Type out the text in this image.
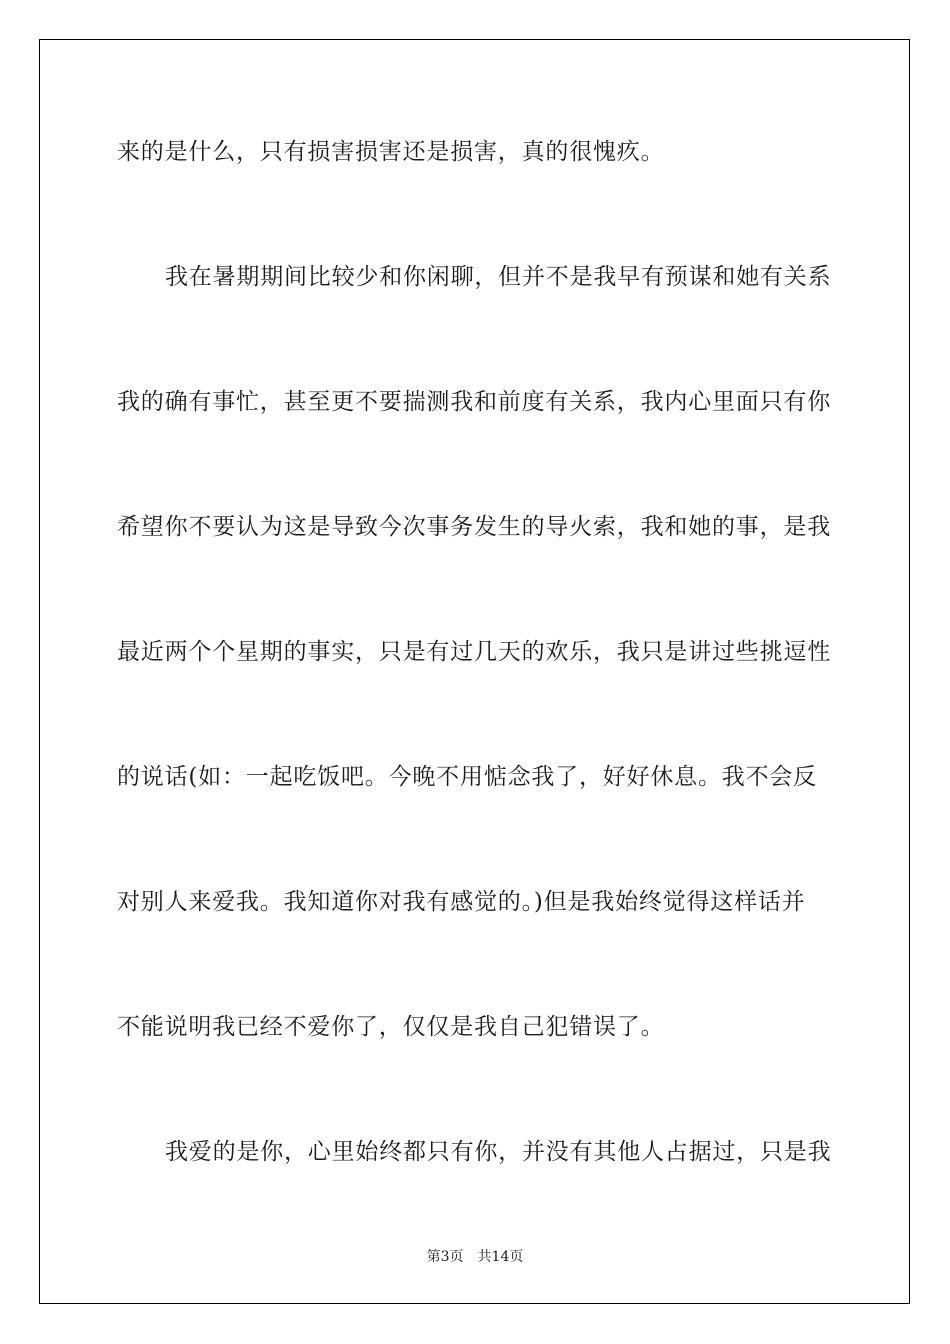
来的是什么，只有损害损害还是损害，真的很愧疚。
我在暑期期间比较少和你闲聊，但并不是我早有预谋和她有关系
我的确有事忙，甚至更不要揣测我和前度有关系，我内心里面只有你
希望你不要认为这是导致今次事务发生的导火索，我和她的事，是我
最近两个个星期的事实，只是有过几天的欢乐，我只是讲过些挑逗性
的说话(如：一起吃饭吧。今晚不用惦念我了，好好休息。我不会反
对别人来爱我。我知道你对我有感觉的。)但是我始终觉得这样话并
不能说明我已经不爱你了，仅仅是我自己犯错误了。
我爱的是你，心里始终都只有你，并没有其他人占据过，只是我
第3页 共14页
